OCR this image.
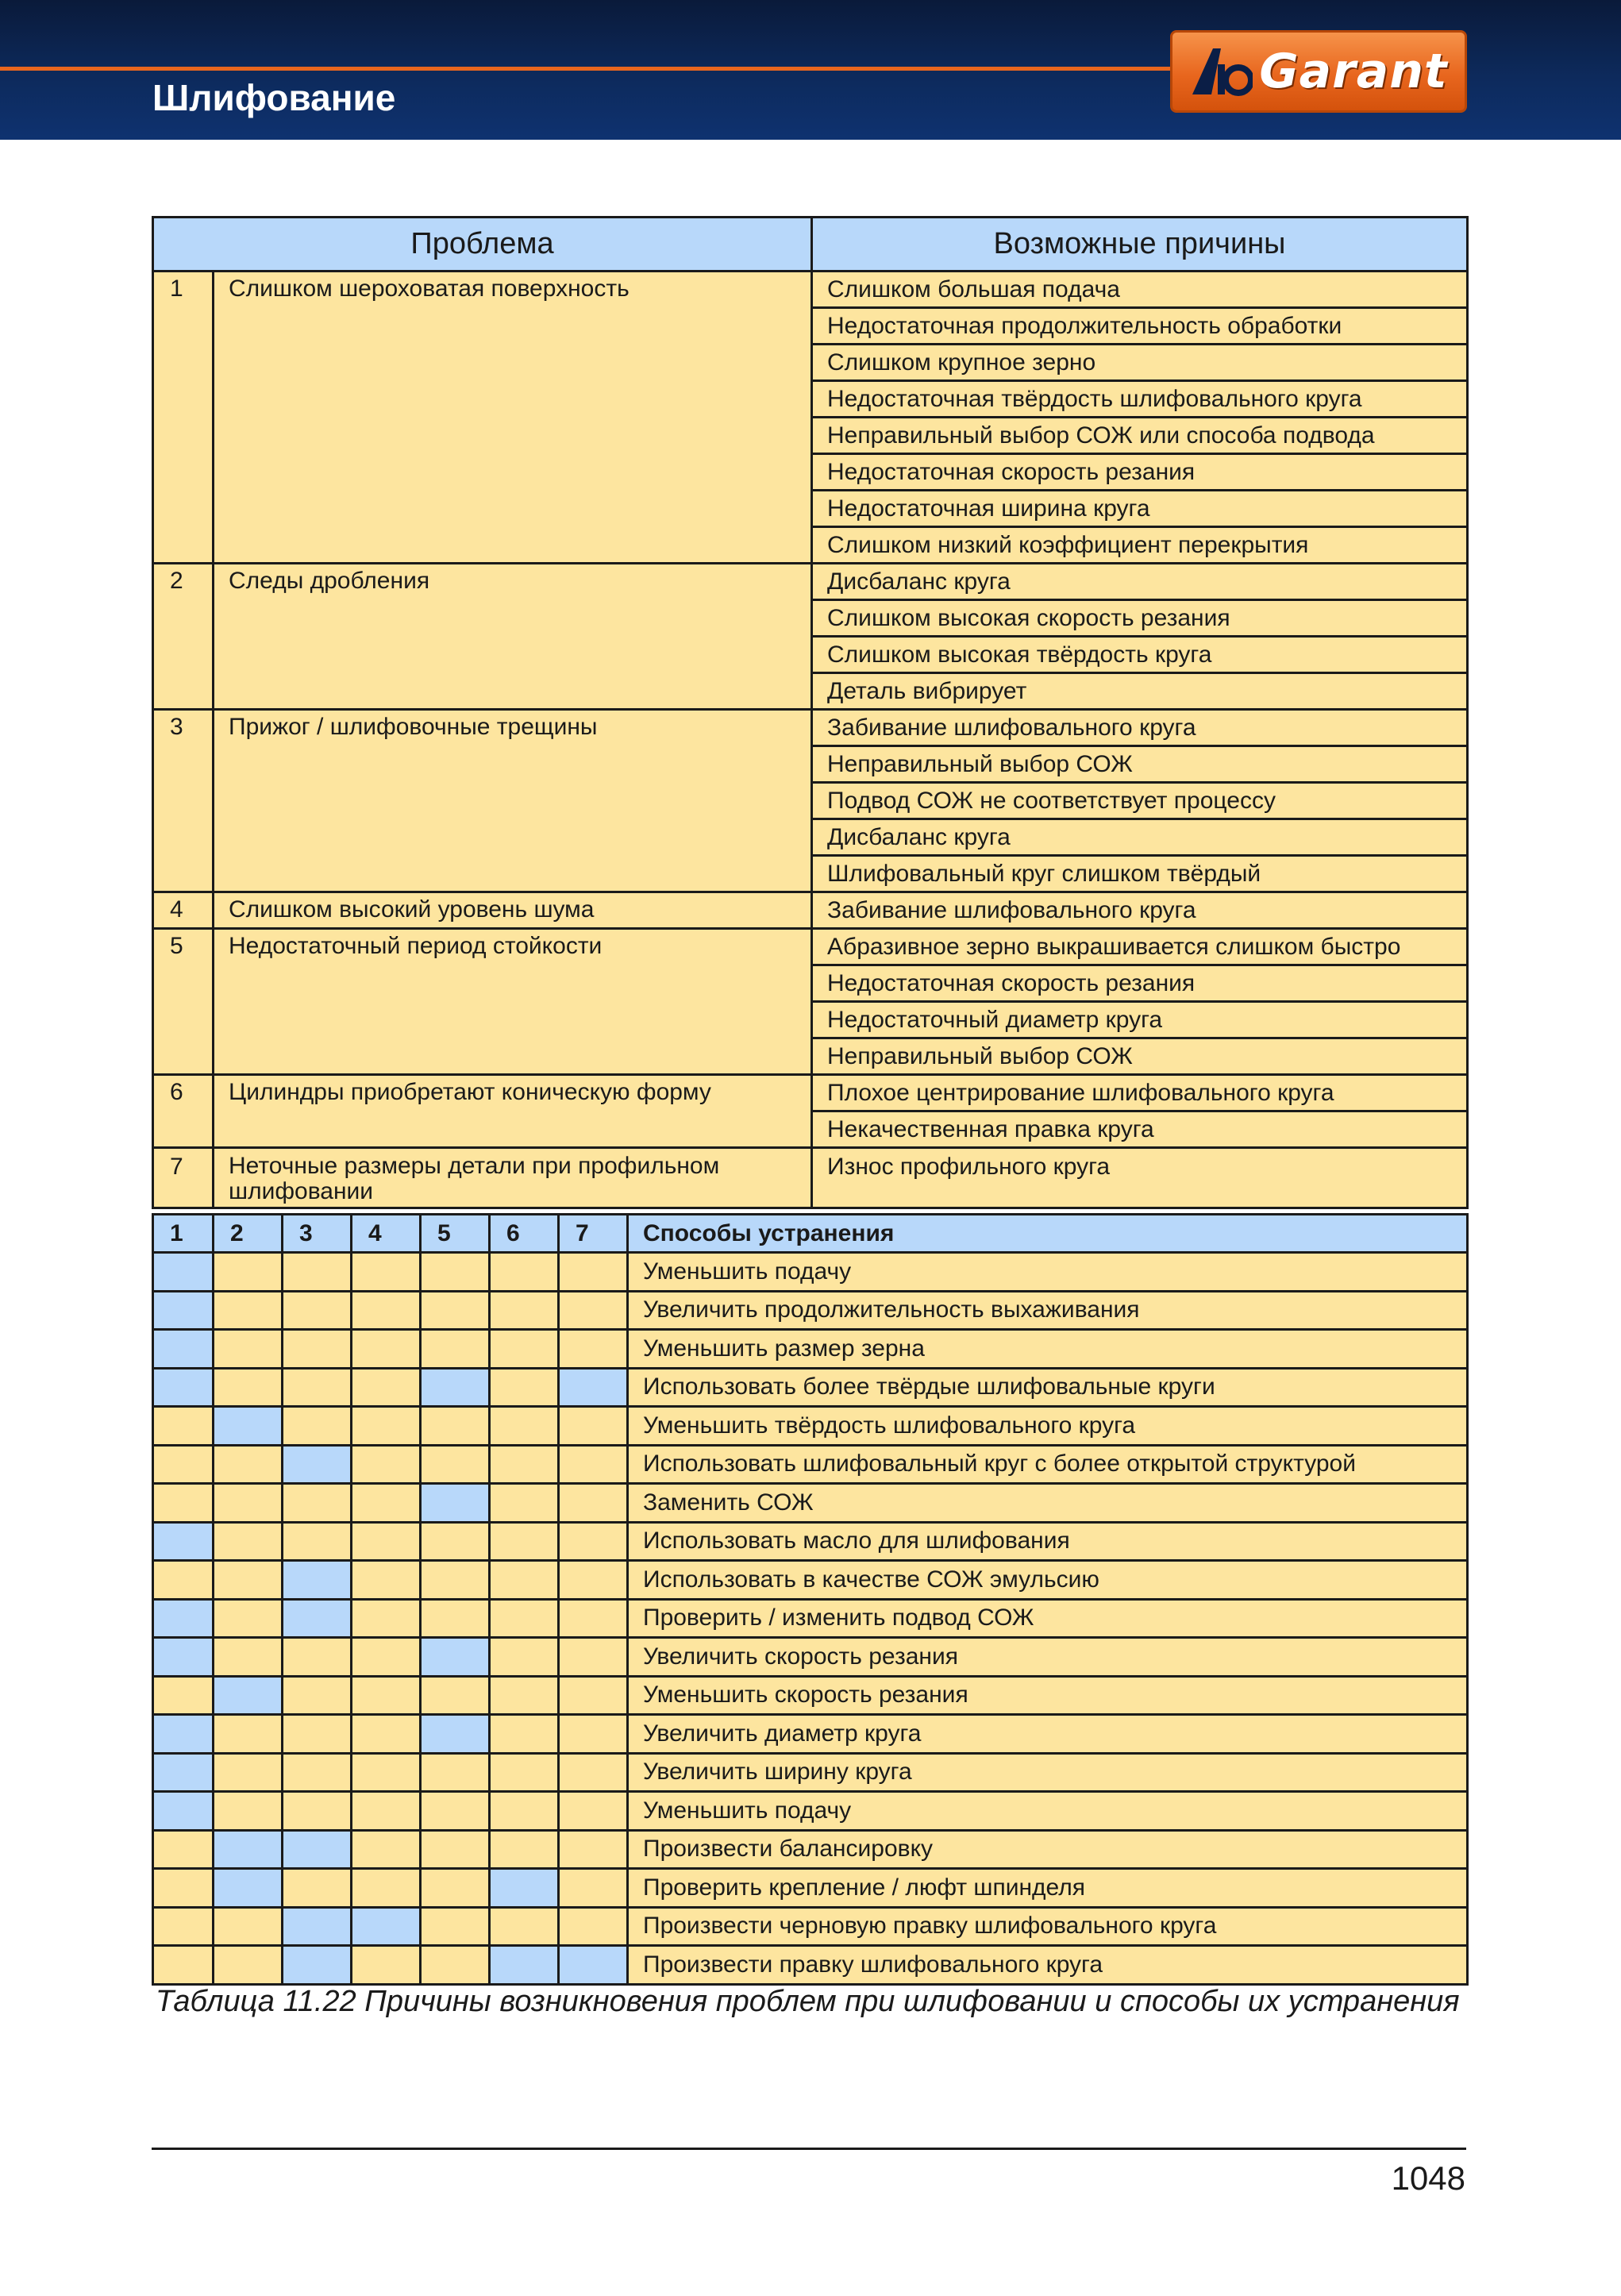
Шлифование	Garant
Проблема		Возможные причины
1	Слишком шероховатая поверхность	Слишком большая подача
		Недостаточная продолжительность обработки
		Слишком крупное зерно
		Недостаточная твёрдость шлифовального круга
		Неправильный выбор СОЖ или способа подвода
		Недостаточная скорость резания
		Недостаточная ширина круга
		Слишком низкий коэффициент перекрытия
2	Следы дробления	Дисбаланс круга
		Слишком высокая скорость резания
		Слишком высокая твёрдость круга
		Деталь вибрирует
3	Прижог / шлифовочные трещины	Забивание шлифовального круга
		Неправильный выбор СОЖ
		Подвод СОЖ не соответствует процессу
		Дисбаланс круга
		Шлифовальный круг слишком твёрдый
4	Слишком высокий уровень шума	Забивание шлифовального круга
5	Недостаточный период стойкости	Абразивное зерно выкрашивается слишком быстро
		Недостаточная скорость резания
		Недостаточный диаметр круга
		Неправильный выбор СОЖ
6	Цилиндры приобретают коническую форму	Плохое центрирование шлифовального круга
		Некачественная правка круга
7	Неточные размеры детали при профильном шлифовании	Износ профильного круга
1	2	3	4	5	6	7	Способы устранения
							Уменьшить подачу
							Увеличить продолжительность выхаживания
							Уменьшить размер зерна
							Использовать более твёрдые шлифовальные круги
							Уменьшить твёрдость шлифовального круга
							Использовать шлифовальный круг с более открытой структурой
							Заменить СОЖ
							Использовать масло для шлифования
							Использовать в качестве СОЖ эмульсию
							Проверить / изменить подвод СОЖ
							Увеличить скорость резания
							Уменьшить скорость резания
							Увеличить диаметр круга
							Увеличить ширину круга
							Уменьшить подачу
							Произвести балансировку
							Проверить крепление / люфт шпинделя
							Произвести черновую правку шлифовального круга
							Произвести правку шлифовального круга
Таблица 11.22 Причины возникновения проблем при шлифовании и способы их устранения
1048
